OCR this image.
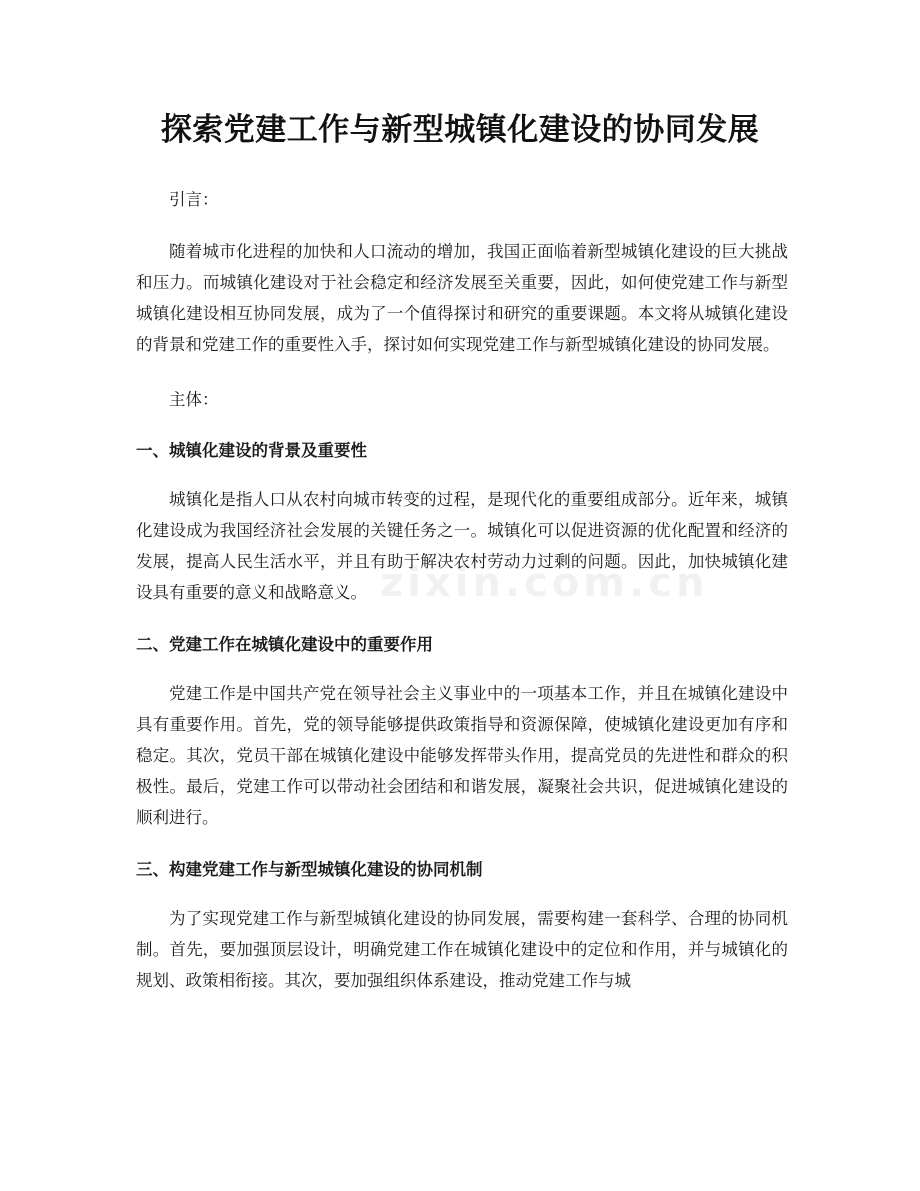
探索党建工作与新型城镇化建设的协同发展
zixin.com.cn

引言：

随着城市化进程的加快和人口流动的增加，我国正面临着新型城镇化建设的巨大挑战和压力。而城镇化建设对于社会稳定和经济发展至关重要，因此，如何使党建工作与新型城镇化建设相互协同发展，成为了一个值得探讨和研究的重要课题。本文将从城镇化建设的背景和党建工作的重要性入手，探讨如何实现党建工作与新型城镇化建设的协同发展。

主体：

一、城镇化建设的背景及重要性

城镇化是指人口从农村向城市转变的过程，是现代化的重要组成部分。近年来，城镇化建设成为我国经济社会发展的关键任务之一。城镇化可以促进资源的优化配置和经济的发展，提高人民生活水平，并且有助于解决农村劳动力过剩的问题。因此，加快城镇化建设具有重要的意义和战略意义。

二、党建工作在城镇化建设中的重要作用

党建工作是中国共产党在领导社会主义事业中的一项基本工作，并且在城镇化建设中具有重要作用。首先，党的领导能够提供政策指导和资源保障，使城镇化建设更加有序和稳定。其次，党员干部在城镇化建设中能够发挥带头作用，提高党员的先进性和群众的积极性。最后，党建工作可以带动社会团结和和谐发展，凝聚社会共识，促进城镇化建设的顺利进行。

三、构建党建工作与新型城镇化建设的协同机制

为了实现党建工作与新型城镇化建设的协同发展，需要构建一套科学、合理的协同机制。首先，要加强顶层设计，明确党建工作在城镇化建设中的定位和作用，并与城镇化的规划、政策相衔接。其次，要加强组织体系建设，推动党建工作与城
